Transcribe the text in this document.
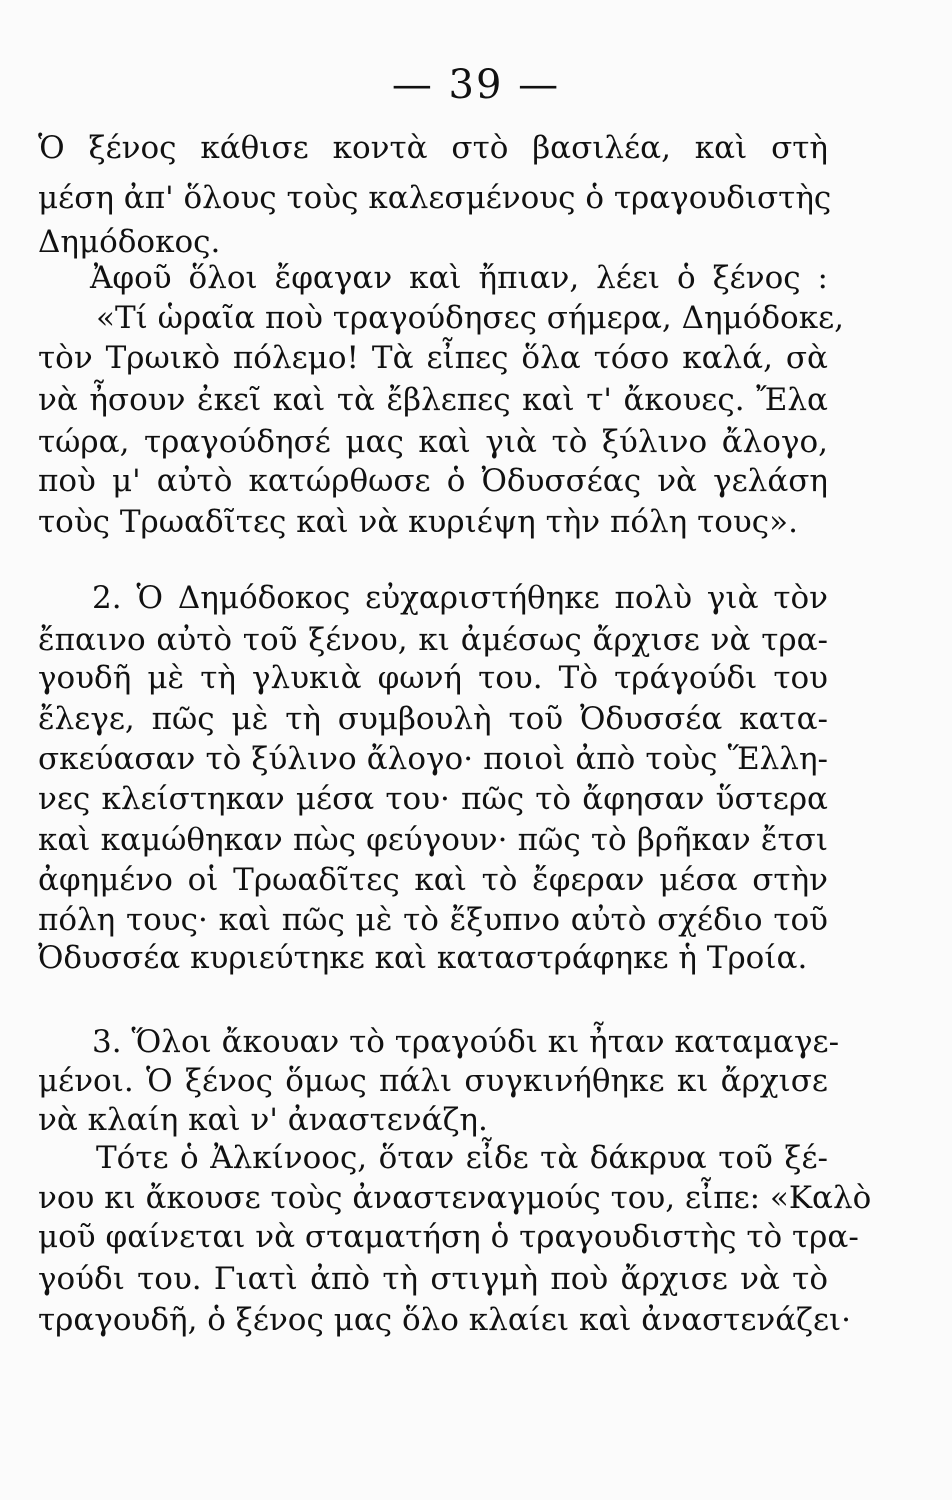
— 39 —
Ὁ ξένος κάθισε κοντὰ στὸ βασιλέα, καὶ στὴ
μέση ἀπ' ὅλους τοὺς καλεσμένους ὁ τραγουδιστὴς
Δημόδοκος.
Ἀφοῦ ὅλοι ἔφαγαν καὶ ἤπιαν, λέει ὁ ξένος :
«Τί ὡραῖα ποὺ τραγούδησες σήμερα, Δημόδοκε,
τὸν Τρωικὸ πόλεμο! Τὰ εἶπες ὅλα τόσο καλά, σὰ
νὰ ἦσουν ἐκεῖ καὶ τὰ ἔβλεπες καὶ τ' ἄκουες. Ἔλα
τώρα, τραγούδησέ μας καὶ γιὰ τὸ ξύλινο ἄλογο,
ποὺ μ' αὐτὸ κατώρθωσε ὁ Ὀδυσσέας νὰ γελάση
τοὺς Τρωαδῖτες καὶ νὰ κυριέψη τὴν πόλη τους».
2. Ὁ Δημόδοκος εὐχαριστήθηκε πολὺ γιὰ τὸν
ἔπαινο αὐτὸ τοῦ ξένου, κι ἀμέσως ἄρχισε νὰ τρα-
γουδῆ μὲ τὴ γλυκιὰ φωνή του. Τὸ τράγούδι του
ἔλεγε, πῶς μὲ τὴ συμβουλὴ τοῦ Ὀδυσσέα κατα-
σκεύασαν τὸ ξύλινο ἄλογο· ποιοὶ ἀπὸ τοὺς Ἕλλη-
νες κλείστηκαν μέσα του· πῶς τὸ ἄφησαν ὕστερα
καὶ καμώθηκαν πὼς φεύγουν· πῶς τὸ βρῆκαν ἔτσι
ἀφημένο οἱ Τρωαδῖτες καὶ τὸ ἔφεραν μέσα στὴν
πόλη τους· καὶ πῶς μὲ τὸ ἔξυπνο αὐτὸ σχέδιο τοῦ
Ὀδυσσέα κυριεύτηκε καὶ καταστράφηκε ἡ Τροία.
3. Ὅλοι ἄκουαν τὸ τραγούδι κι ἦταν καταμαγε-
μένοι. Ὁ ξένος ὅμως πάλι συγκινήθηκε κι ἄρχισε
νὰ κλαίη καὶ ν' ἀναστενάζη.
Τότε ὁ Ἀλκίνοος, ὅταν εἶδε τὰ δάκρυα τοῦ ξέ-
νου κι ἄκουσε τοὺς ἀναστεναγμούς του, εἶπε: «Καλὸ
μοῦ φαίνεται νὰ σταματήση ὁ τραγουδιστὴς τὸ τρα-
γούδι του. Γιατὶ ἀπὸ τὴ στιγμὴ ποὺ ἄρχισε νὰ τὸ
τραγουδῆ, ὁ ξένος μας ὅλο κλαίει καὶ ἀναστενάζει·
